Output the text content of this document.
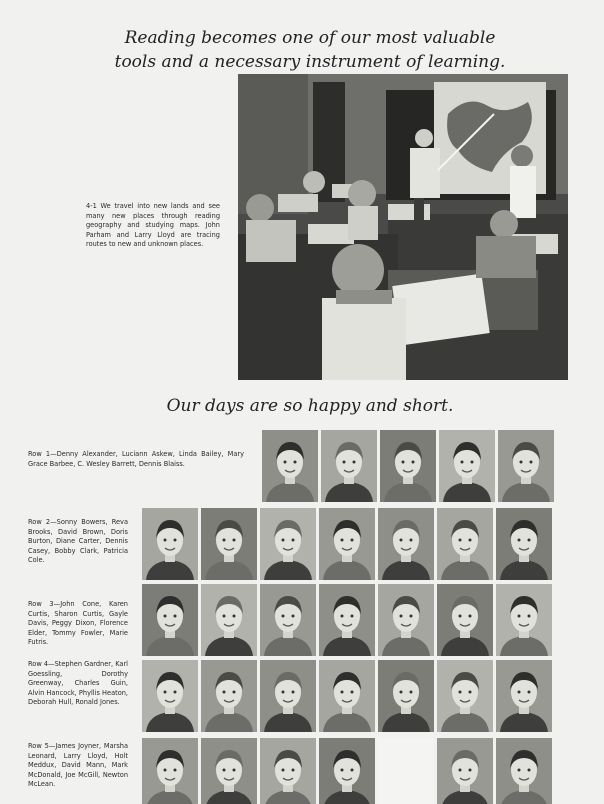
Reading becomes one of our most valuable
tools and a necessary instrument of learning.
4-1 We travel into new lands and see many new places through reading geography and studying maps. John Parham and Larry Lloyd are tracing routes to new and unknown places.
Our days are so happy and short.
Row 1—Denny Alexander, Luciann Askew, Linda Bailey, Mary Grace Barbee, C. Wesley Barrett, Dennis Blaiss.
Row 2—Sonny Bowers, Reva Brooks, David Brown, Doris Burton, Diane Carter, Dennis Casey, Bobby Clark, Patricia Cole.
Row 3—John Cone, Karen Curtis, Sharon Curtis, Gayle Davis, Peggy Dixon, Florence Elder, Tommy Fowler, Marie Futris.
Row 4—Stephen Gardner, Karl Goessling, Dorothy Greenway, Charles Guin, Alvin Hancock, Phyllis Heaton, Deborah Hull, Ronald Jones.
Row 5—James Joyner, Marsha Leonard, Larry Lloyd, Holt Meddux, David Mann, Mark McDonald, Joe McGill, Newton McLean.
